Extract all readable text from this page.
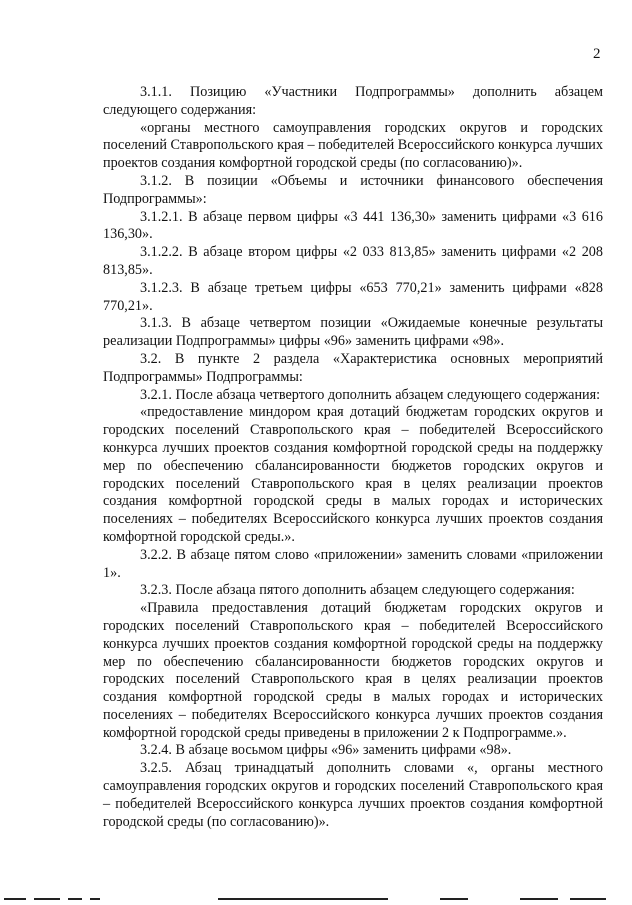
2

3.1.1. Позицию «Участники Подпрограммы» дополнить абзацем следующего содержания:

«органы местного самоуправления городских округов и городских поселений Ставропольского края – победителей Всероссийского конкурса лучших проектов создания комфортной городской среды (по согласованию)».

3.1.2. В позиции «Объемы и источники финансового обеспечения Подпрограммы»:

3.1.2.1. В абзаце первом цифры «3 441 136,30» заменить цифрами «3 616 136,30».

3.1.2.2. В абзаце втором цифры «2 033 813,85» заменить цифрами «2 208 813,85».

3.1.2.3. В абзаце третьем цифры «653 770,21» заменить цифрами «828 770,21».

3.1.3. В абзаце четвертом позиции «Ожидаемые конечные результаты реализации Подпрограммы» цифры «96» заменить цифрами «98».

3.2. В пункте 2 раздела «Характеристика основных мероприятий Подпрограммы» Подпрограммы:

3.2.1. После абзаца четвертого дополнить абзацем следующего содержания:

«предоставление миндором края дотаций бюджетам городских округов и городских поселений Ставропольского края – победителей Всероссийского конкурса лучших проектов создания комфортной городской среды на поддержку мер по обеспечению сбалансированности бюджетов городских округов и городских поселений Ставропольского края в целях реализации проектов создания комфортной городской среды в малых городах и исторических поселениях – победителях Всероссийского конкурса лучших проектов создания комфортной городской среды.».

3.2.2. В абзаце пятом слово «приложении» заменить словами «приложении 1».

3.2.3. После абзаца пятого дополнить абзацем следующего содержания:

«Правила предоставления дотаций бюджетам городских округов и городских поселений Ставропольского края – победителей Всероссийского конкурса лучших проектов создания комфортной городской среды на поддержку мер по обеспечению сбалансированности бюджетов городских округов и городских поселений Ставропольского края в целях реализации проектов создания комфортной городской среды в малых городах и исторических поселениях – победителях Всероссийского конкурса лучших проектов создания комфортной городской среды приведены в приложении 2 к Подпрограмме.».

3.2.4. В абзаце восьмом цифры «96» заменить цифрами «98».

3.2.5. Абзац тринадцатый дополнить словами «, органы местного самоуправления городских округов и городских поселений Ставропольского края – победителей Всероссийского конкурса лучших проектов создания комфортной городской среды (по согласованию)».
